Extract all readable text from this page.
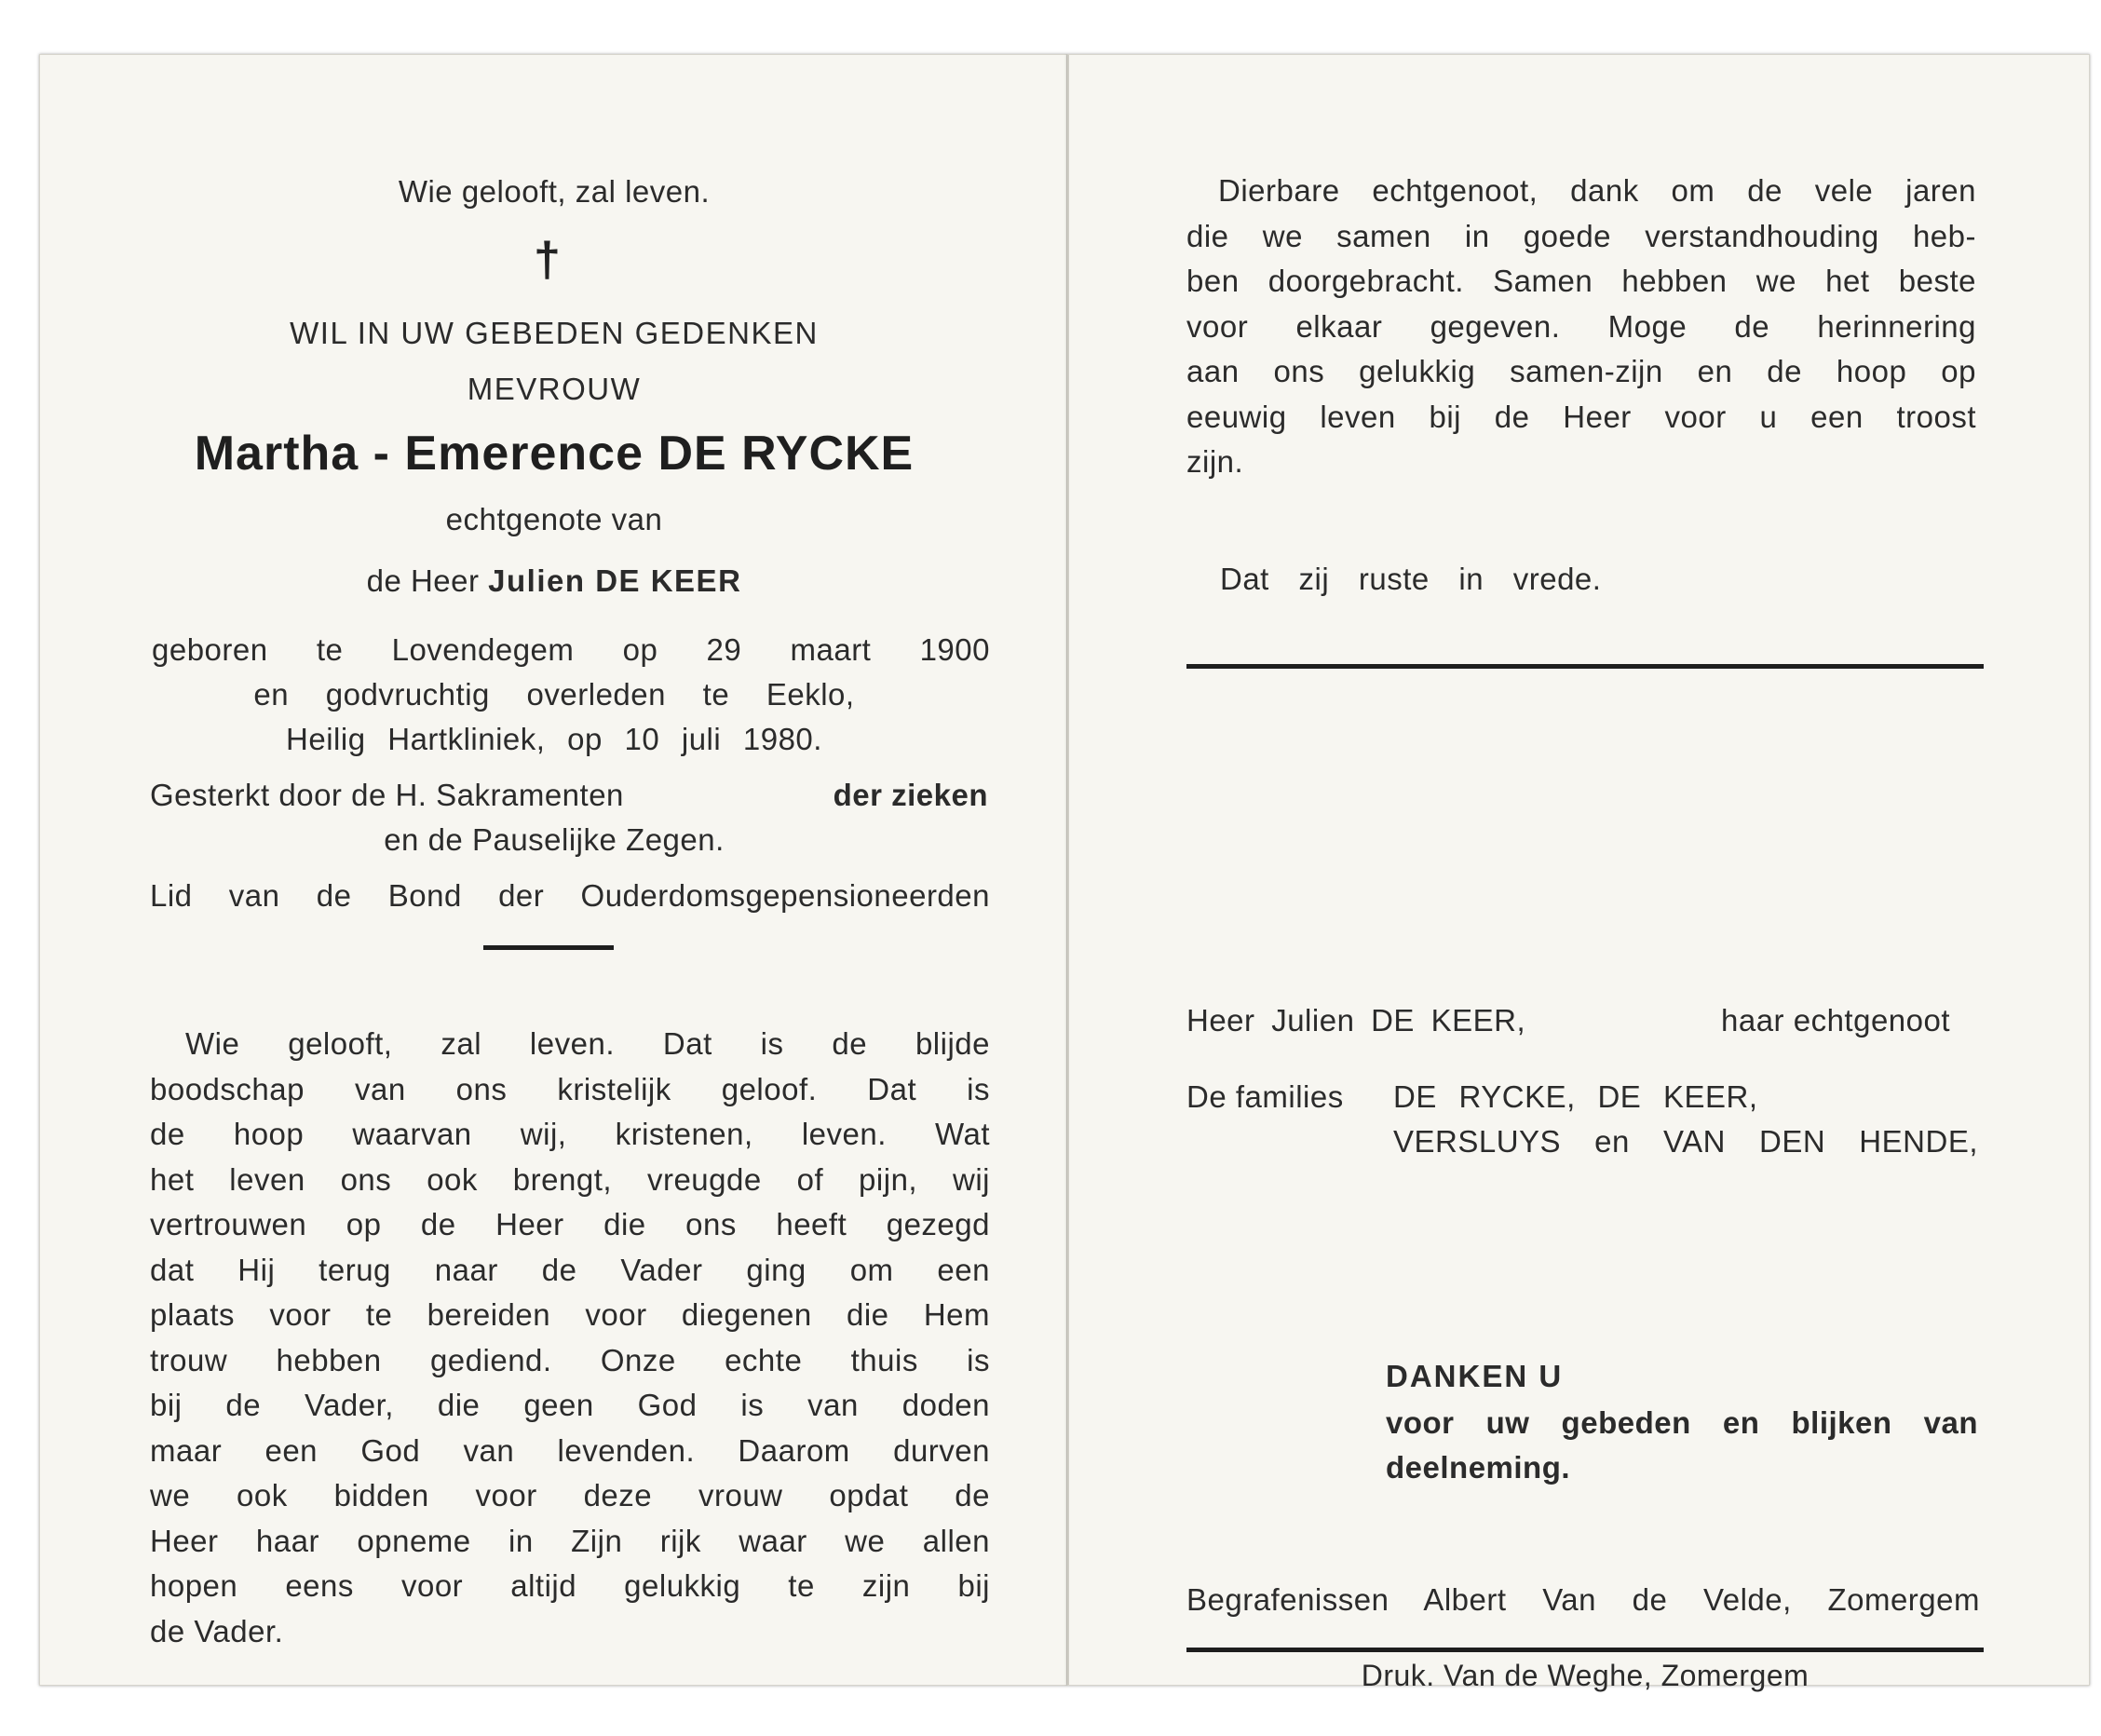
Wie gelooft, zal leven.
†
WIL IN UW GEBEDEN GEDENKEN
MEVROUW
Martha - Emerence DE RYCKE
echtgenote van
de Heer Julien DE KEER
geboren te Lovendegem op 29 maart 1900
en godvruchtig overleden te Eeklo,
Heilig Hartkliniek, op 10 juli 1980.
Gesterkt door de H. Sakramenten	der zieken
en de Pauselijke Zegen.
Lid van de Bond der Ouderdomsgepensioneerden
Wie gelooft, zal leven. Dat is de blijde
boodschap van ons kristelijk geloof. Dat is
de hoop waarvan wij, kristenen, leven. Wat
het leven ons ook brengt, vreugde of pijn, wij
vertrouwen op de Heer die ons heeft gezegd
dat Hij terug naar de Vader ging om een
plaats voor te bereiden voor diegenen die Hem
trouw hebben gediend. Onze echte thuis is
bij de Vader, die geen God is van doden
maar een God van levenden. Daarom durven
we ook bidden voor deze vrouw opdat de
Heer haar opneme in Zijn rijk waar we allen
hopen eens voor altijd gelukkig te zijn bij
de Vader.
Dierbare echtgenoot, dank om de vele jaren
die we samen in goede verstandhouding heb-
ben doorgebracht. Samen hebben we het beste
voor elkaar gegeven. Moge de herinnering
aan ons gelukkig samen-zijn en de hoop op
eeuwig leven bij de Heer voor u een troost
zijn.
Dat zij ruste in vrede.
Heer Julien DE KEER,	haar echtgenoot
De families DE RYCKE, DE KEER,
VERSLUYS en VAN DEN HENDE,
DANKEN U
voor uw gebeden en blijken van
deelneming.
Begrafenissen Albert Van de Velde, Zomergem
Druk. Van de Weghe, Zomergem
